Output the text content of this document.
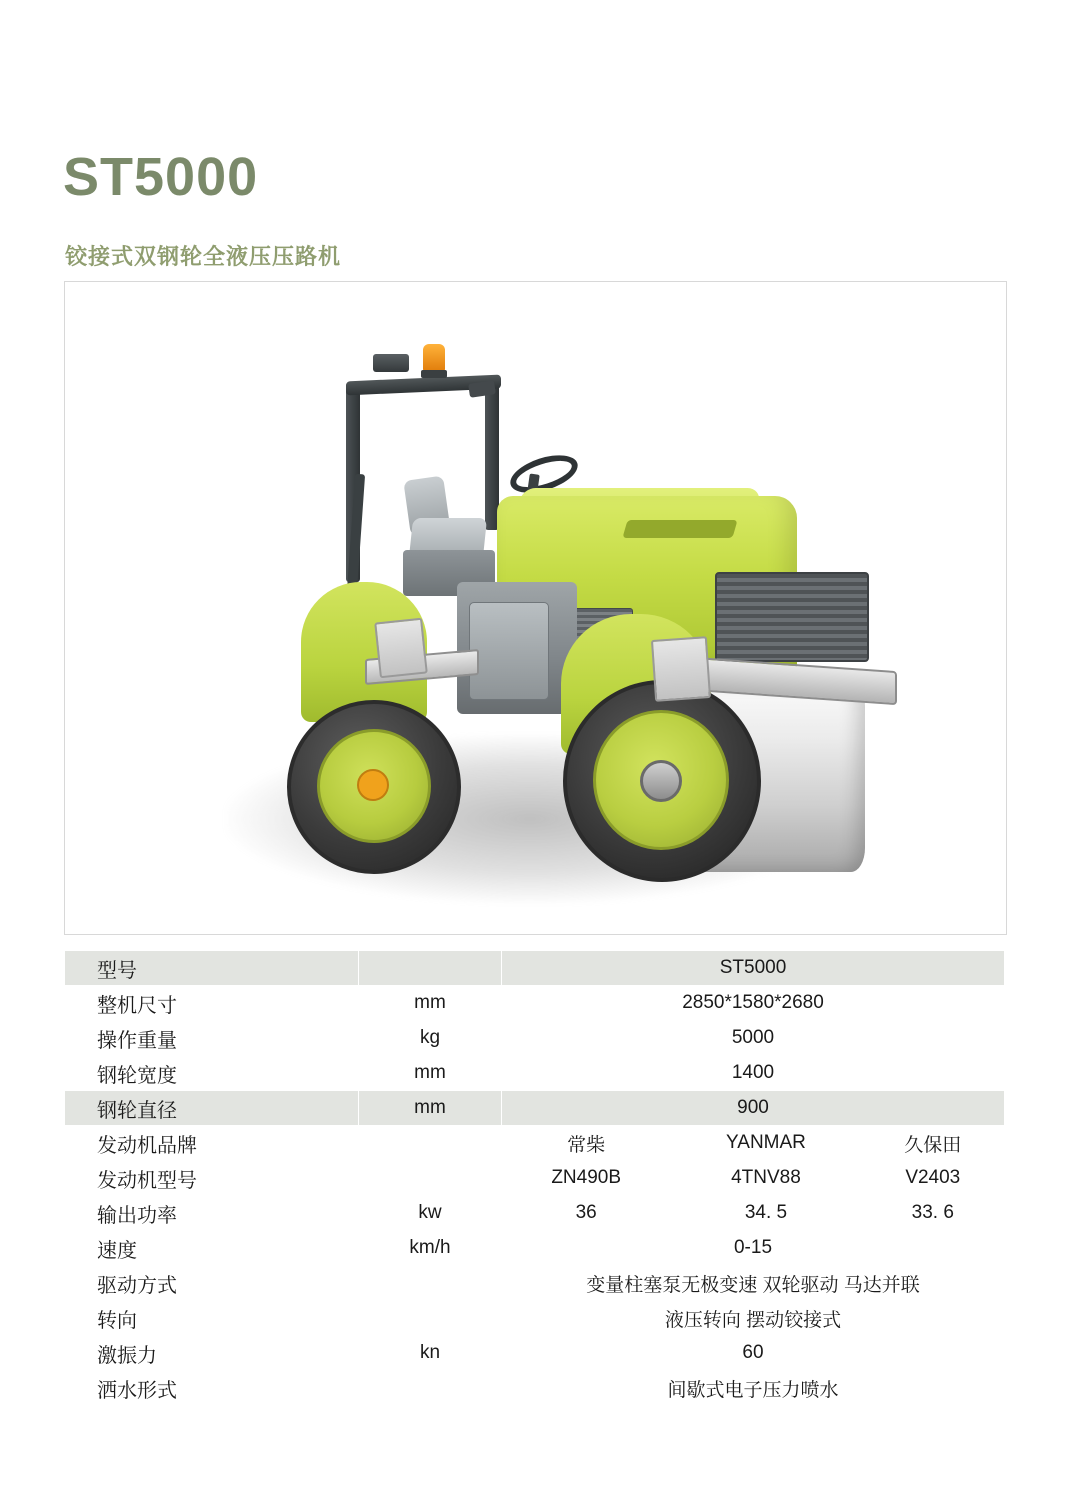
ST5000
铰接式双钢轮全液压压路机
型号		ST5000		
整机尺寸	mm	2850*1580*2680		
操作重量	kg	5000		
钢轮宽度	mm	1400		
钢轮直径	mm	900		
发动机品牌		常柴	YANMAR	久保田
发动机型号		ZN490B	4TNV88	V2403
输出功率	kw	36	34. 5	33. 6
速度	km/h	0-15		
驱动方式		变量柱塞泵无极变速 双轮驱动 马达并联		
转向		液压转向 摆动铰接式		
激振力	kn	60		
洒水形式		间歇式电子压力喷水		
